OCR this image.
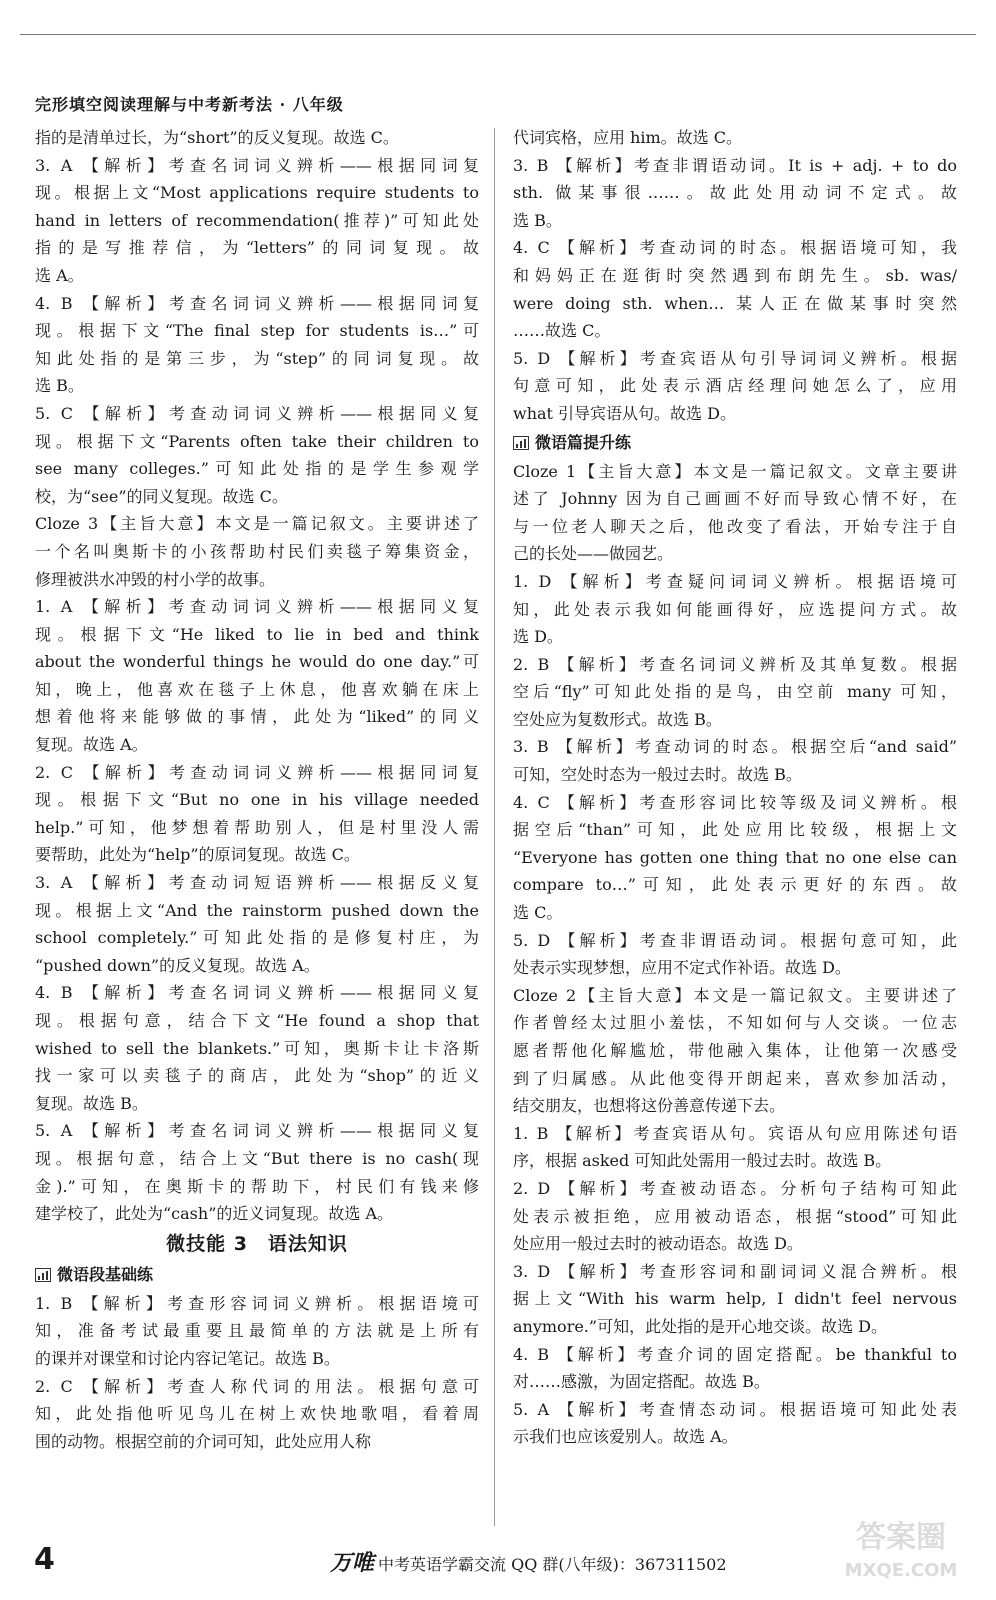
完形填空阅读理解与中考新考法 · 八年级
指的是清单过长，为“short”的反义复现。故选 C。
3. A 【解析】考查名词词义辨析——根据同词复
现。根据上文“Most applications require students to
hand in letters of recommendation(推荐)”可知此处
指的是写推荐信，为“letters”的同词复现。故
选 A。
4. B 【解析】考查名词词义辨析——根据同词复
现。根据下文“The final step for students is…”可
知此处指的是第三步，为“step”的同词复现。故
选 B。
5. C 【解析】考查动词词义辨析——根据同义复
现。根据下文“Parents often take their children to
see many colleges.”可知此处指的是学生参观学
校，为“see”的同义复现。故选 C。
Cloze 3【主旨大意】本文是一篇记叙文。主要讲述了
一个名叫奥斯卡的小孩帮助村民们卖毯子筹集资金，
修理被洪水冲毁的村小学的故事。
1. A 【解析】考查动词词义辨析——根据同义复
现。根据下文“He liked to lie in bed and think
about the wonderful things he would do one day.”可
知，晚上，他喜欢在毯子上休息，他喜欢躺在床上
想着他将来能够做的事情，此处为“liked”的同义
复现。故选 A。
2. C 【解析】考查动词词义辨析——根据同词复
现。根据下文“But no one in his village needed
help.”可知，他梦想着帮助别人，但是村里没人需
要帮助，此处为“help”的原词复现。故选 C。
3. A 【解析】考查动词短语辨析——根据反义复
现。根据上文“And the rainstorm pushed down the
school completely.”可知此处指的是修复村庄，为
“pushed down”的反义复现。故选 A。
4. B 【解析】考查名词词义辨析——根据同义复
现。根据句意，结合下文“He found a shop that
wished to sell the blankets.”可知，奥斯卡让卡洛斯
找一家可以卖毯子的商店，此处为“shop”的近义
复现。故选 B。
5. A 【解析】考查名词词义辨析——根据同义复
现。根据句意，结合上文“But there is no cash(现
金).”可知，在奥斯卡的帮助下，村民们有钱来修
建学校了，此处为“cash”的近义词复现。故选 A。
微技能 3　语法知识
微语段基础练
1. B 【解析】考查形容词词义辨析。根据语境可
知，准备考试最重要且最简单的方法就是上所有
的课并对课堂和讨论内容记笔记。故选 B。
2. C 【解析】考查人称代词的用法。根据句意可
知，此处指他听见鸟儿在树上欢快地歌唱，看着周
围的动物。根据空前的介词可知，此处应用人称
代词宾格，应用 him。故选 C。
3. B 【解析】考查非谓语动词。It is + adj. + to do
sth. 做某事很……。故此处用动词不定式。故
选 B。
4. C 【解析】考查动词的时态。根据语境可知，我
和妈妈正在逛街时突然遇到布朗先生。sb. was/
were doing sth. when… 某人正在做某事时突然
……故选 C。
5. D 【解析】考查宾语从句引导词词义辨析。根据
句意可知，此处表示酒店经理问她怎么了，应用
what 引导宾语从句。故选 D。
微语篇提升练
Cloze 1【主旨大意】本文是一篇记叙文。文章主要讲
述了 Johnny 因为自己画画不好而导致心情不好，在
与一位老人聊天之后，他改变了看法，开始专注于自
己的长处——做园艺。
1. D 【解析】考查疑问词词义辨析。根据语境可
知，此处表示我如何能画得好，应选提问方式。故
选 D。
2. B 【解析】考查名词词义辨析及其单复数。根据
空后“fly”可知此处指的是鸟，由空前 many 可知，
空处应为复数形式。故选 B。
3. B 【解析】考查动词的时态。根据空后“and said”
可知，空处时态为一般过去时。故选 B。
4. C 【解析】考查形容词比较等级及词义辨析。根
据空后“than”可知，此处应用比较级，根据上文
“Everyone has gotten one thing that no one else can
compare to…”可知，此处表示更好的东西。故
选 C。
5. D 【解析】考查非谓语动词。根据句意可知，此
处表示实现梦想，应用不定式作补语。故选 D。
Cloze 2【主旨大意】本文是一篇记叙文。主要讲述了
作者曾经太过胆小羞怯，不知如何与人交谈。一位志
愿者帮他化解尴尬，带他融入集体，让他第一次感受
到了归属感。从此他变得开朗起来，喜欢参加活动，
结交朋友，也想将这份善意传递下去。
1. B 【解析】考查宾语从句。宾语从句应用陈述句语
序，根据 asked 可知此处需用一般过去时。故选 B。
2. D 【解析】考查被动语态。分析句子结构可知此
处表示被拒绝，应用被动语态，根据“stood”可知此
处应用一般过去时的被动语态。故选 D。
3. D 【解析】考查形容词和副词词义混合辨析。根
据上文“With his warm help, I didn't feel nervous
anymore.”可知，此处指的是开心地交谈。故选 D。
4. B 【解析】考查介词的固定搭配。be thankful to
对……感激，为固定搭配。故选 B。
5. A 【解析】考查情态动词。根据语境可知此处表
示我们也应该爱别人。故选 A。
4	万唯 中考英语学霸交流 QQ 群(八年级)：367311502
答案圈
MXQE.COM
